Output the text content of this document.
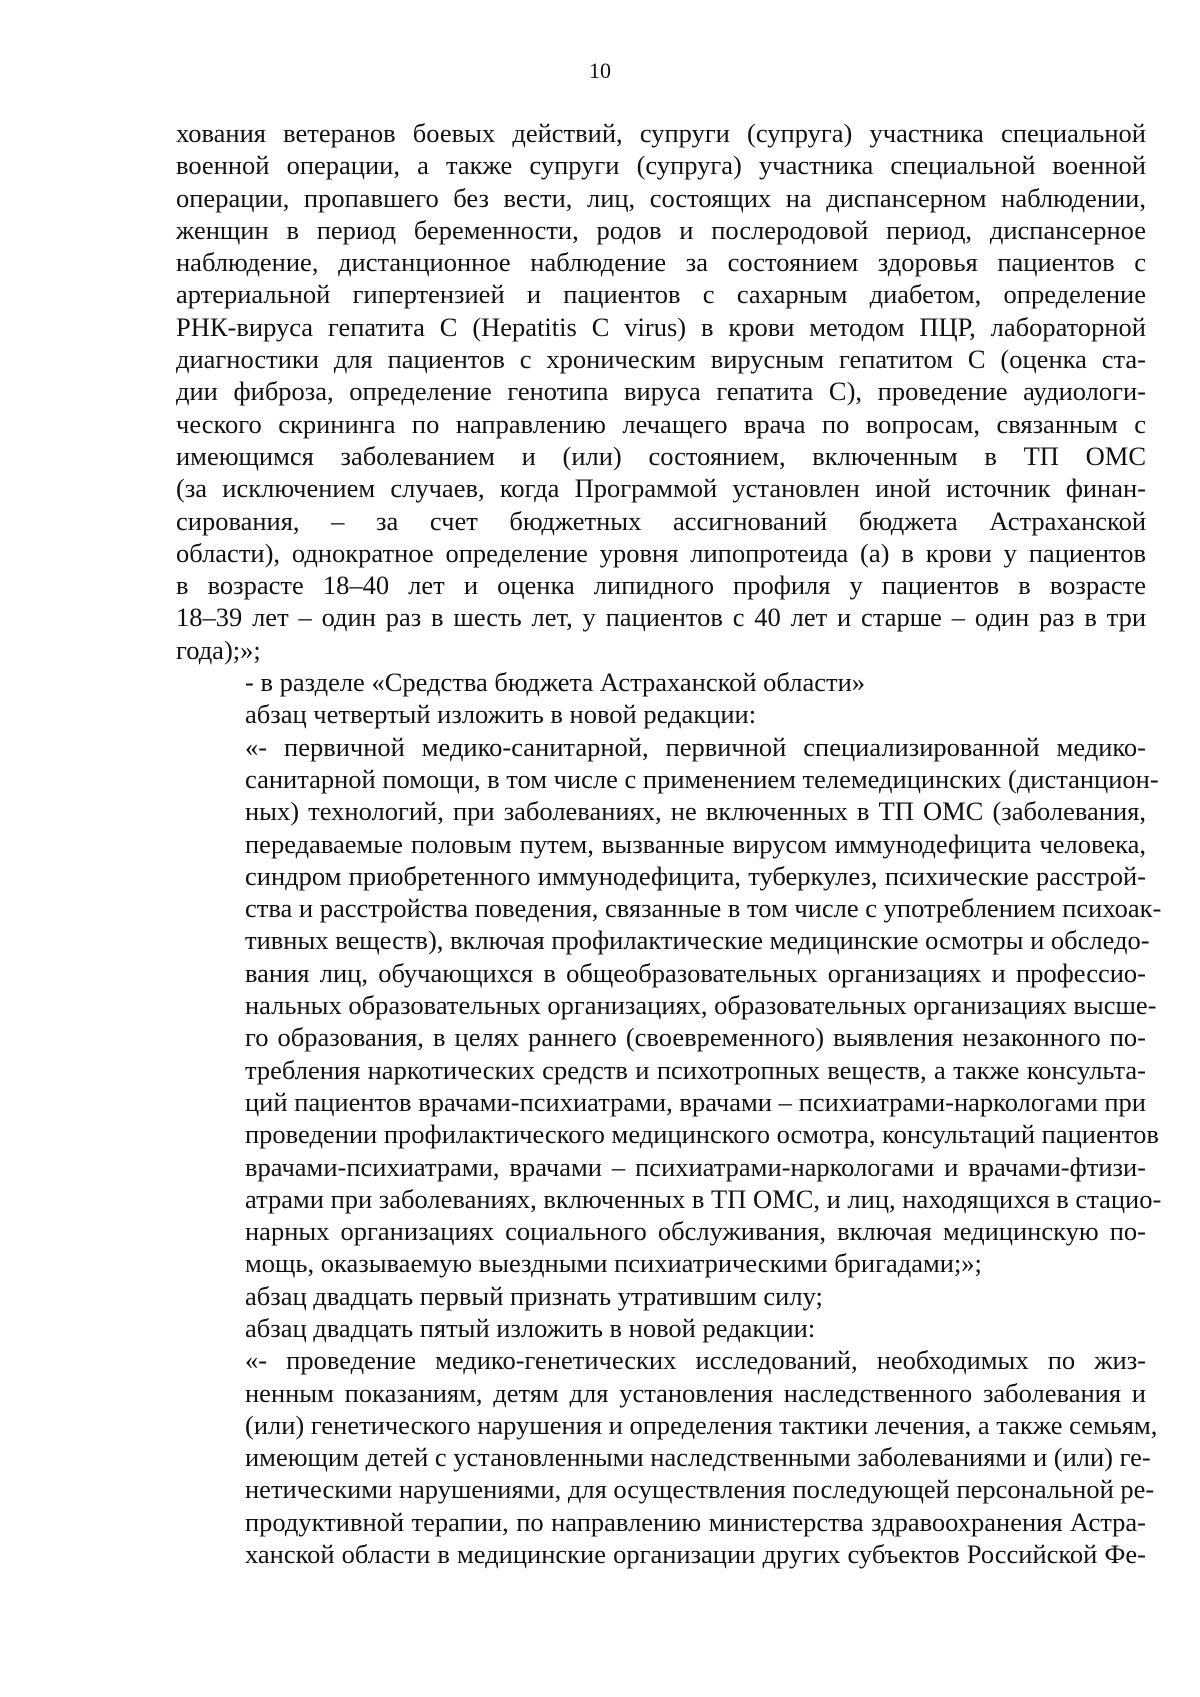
10

хования ветеранов боевых действий, супруги (супруга) участника специальной
военной операции, а также супруги (супруга) участника специальной военной
операции, пропавшего без вести, лиц, состоящих на диспансерном наблюдении,
женщин в период беременности, родов и послеродовой период, диспансерное
наблюдение, дистанционное наблюдение за состоянием здоровья пациентов с
артериальной гипертензией и пациентов с сахарным диабетом, определение
РНК-вируса гепатита С (Hepatitis C virus) в крови методом ПЦР, лабораторной
диагностики для пациентов с хроническим вирусным гепатитом С (оценка ста-
дии фиброза, определение генотипа вируса гепатита С), проведение аудиологи-
ческого скрининга по направлению лечащего врача по вопросам, связанным с
имеющимся заболеванием и (или) состоянием, включенным в ТП ОМС
(за исключением случаев, когда Программой установлен иной источник финан-
сирования, – за счет бюджетных ассигнований бюджета Астраханской
области), однократное определение уровня липопротеида (а) в крови у пациентов
в возрасте 18–40 лет и оценка липидного профиля у пациентов в возрасте
18–39 лет – один раз в шесть лет, у пациентов с 40 лет и старше – один раз в три
года);»;

- в разделе «Средства бюджета Астраханской области»

абзац четвертый изложить в новой редакции:

«- первичной медико-санитарной, первичной специализированной медико-
санитарной помощи, в том числе с применением телемедицинских (дистанцион-
ных) технологий, при заболеваниях, не включенных в ТП ОМС (заболевания,
передаваемые половым путем, вызванные вирусом иммунодефицита человека,
синдром приобретенного иммунодефицита, туберкулез, психические расстрой-
ства и расстройства поведения, связанные в том числе с употреблением психоак-
тивных веществ), включая профилактические медицинские осмотры и обследо-
вания лиц, обучающихся в общеобразовательных организациях и профессио-
нальных образовательных организациях, образовательных организациях высше-
го образования, в целях раннего (своевременного) выявления незаконного по-
требления наркотических средств и психотропных веществ, а также консульта-
ций пациентов врачами-психиатрами, врачами – психиатрами-наркологами при
проведении профилактического медицинского осмотра, консультаций пациентов
врачами-психиатрами, врачами – психиатрами-наркологами и врачами-фтизи-
атрами при заболеваниях, включенных в ТП ОМС, и лиц, находящихся в стацио-
нарных организациях социального обслуживания, включая медицинскую по-
мощь, оказываемую выездными психиатрическими бригадами;»;

абзац двадцать первый признать утратившим силу;

абзац двадцать пятый изложить в новой редакции:

«- проведение медико-генетических исследований, необходимых по жиз-
ненным показаниям, детям для установления наследственного заболевания и
(или) генетического нарушения и определения тактики лечения, а также семьям,
имеющим детей с установленными наследственными заболеваниями и (или) ге-
нетическими нарушениями, для осуществления последующей персональной ре-
продуктивной терапии, по направлению министерства здравоохранения Астра-
ханской области в медицинские организации других субъектов Российской Фе-
